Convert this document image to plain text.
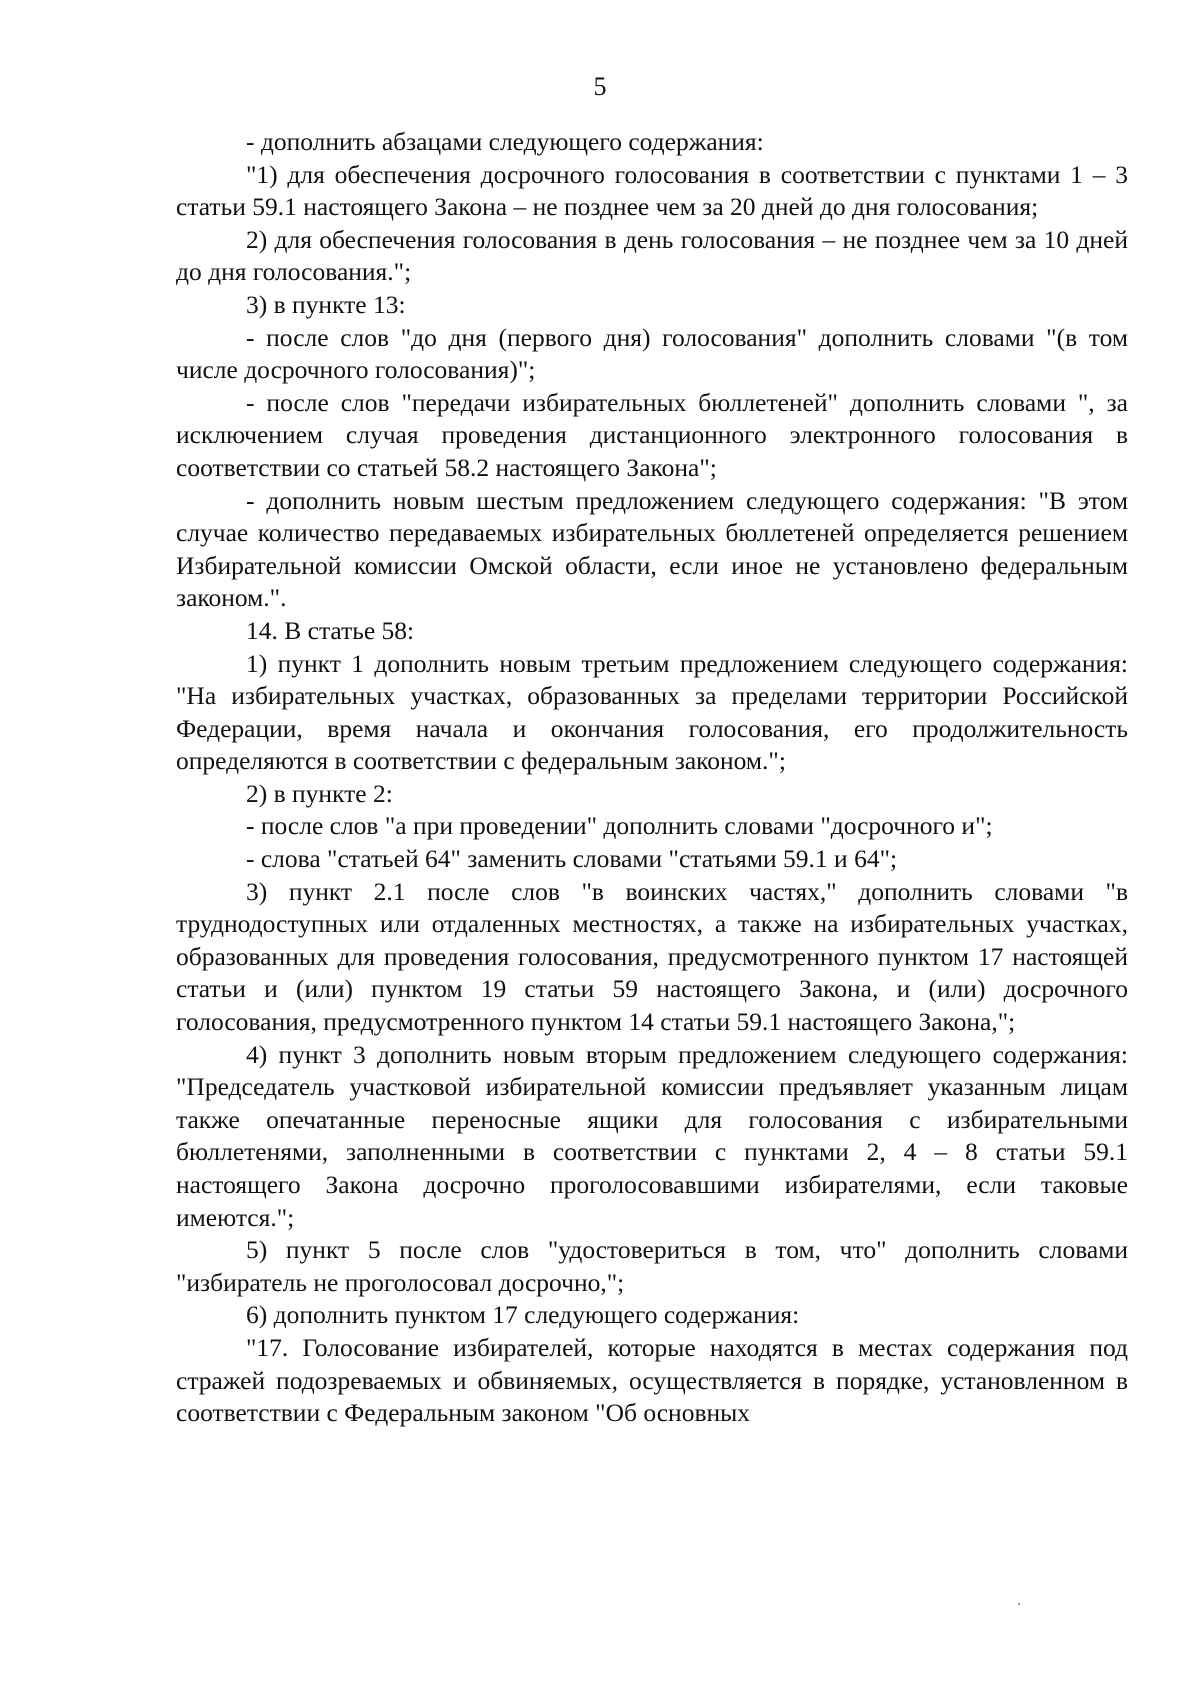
5

- дополнить абзацами следующего содержания:

"1) для обеспечения досрочного голосования в соответствии с пунктами 1 – 3 статьи 59.1 настоящего Закона – не позднее чем за 20 дней до дня голосования;

2) для обеспечения голосования в день голосования – не позднее чем за 10 дней до дня голосования.";

3) в пункте 13:

- после слов "до дня (первого дня) голосования" дополнить словами "(в том числе досрочного голосования)";

- после слов "передачи избирательных бюллетеней" дополнить словами ", за исключением случая проведения дистанционного электронного голосования в соответствии со статьей 58.2 настоящего Закона";

- дополнить новым шестым предложением следующего содержания: "В этом случае количество передаваемых избирательных бюллетеней определяется решением Избирательной комиссии Омской области, если иное не установлено федеральным законом.".

14. В статье 58:

1) пункт 1 дополнить новым третьим предложением следующего содержания: "На избирательных участках, образованных за пределами территории Российской Федерации, время начала и окончания голосования, его продолжительность определяются в соответствии с федеральным законом.";

2) в пункте 2:

- после слов "а при проведении" дополнить словами "досрочного и";

- слова "статьей 64" заменить словами "статьями 59.1 и 64";

3) пункт 2.1 после слов "в воинских частях," дополнить словами "в труднодоступных или отдаленных местностях, а также на избирательных участках, образованных для проведения голосования, предусмотренного пунктом 17 настоящей статьи и (или) пунктом 19 статьи 59 настоящего Закона, и (или) досрочного голосования, предусмотренного пунктом 14 статьи 59.1 настоящего Закона,";

4) пункт 3 дополнить новым вторым предложением следующего содержания: "Председатель участковой избирательной комиссии предъявляет указанным лицам также опечатанные переносные ящики для голосования с избирательными бюллетенями, заполненными в соответствии с пунктами 2, 4 – 8 статьи 59.1 настоящего Закона досрочно проголосовавшими избирателями, если таковые имеются.";

5) пункт 5 после слов "удостовериться в том, что" дополнить словами "избиратель не проголосовал досрочно,";

6) дополнить пунктом 17 следующего содержания:

"17. Голосование избирателей, которые находятся в местах содержания под стражей подозреваемых и обвиняемых, осуществляется в порядке, установленном в соответствии с Федеральным законом "Об основных
